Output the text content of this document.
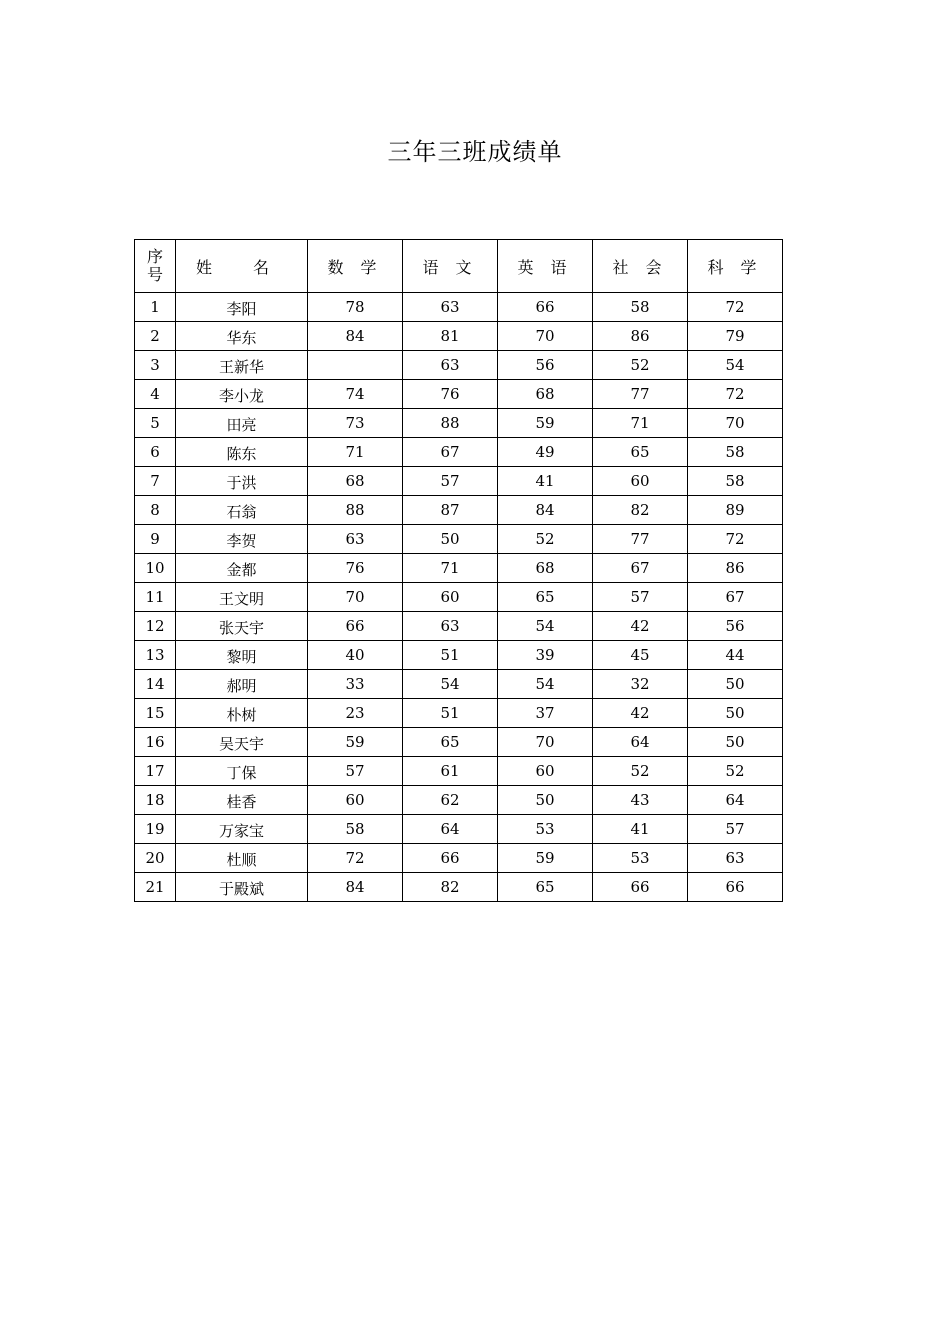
三年三班成绩单
序
号	姓 名	数 学	语 文	英 语	社 会	科 学
1	李阳	78	63	66	58	72
2	华东	84	81	70	86	79
3	王新华		63	56	52	54
4	李小龙	74	76	68	77	72
5	田亮	73	88	59	71	70
6	陈东	71	67	49	65	58
7	于洪	68	57	41	60	58
8	石翁	88	87	84	82	89
9	李贺	63	50	52	77	72
10	金都	76	71	68	67	86
11	王文明	70	60	65	57	67
12	张天宇	66	63	54	42	56
13	黎明	40	51	39	45	44
14	郝明	33	54	54	32	50
15	朴树	23	51	37	42	50
16	吴天宇	59	65	70	64	50
17	丁保	57	61	60	52	52
18	桂香	60	62	50	43	64
19	万家宝	58	64	53	41	57
20	杜顺	72	66	59	53	63
21	于殿斌	84	82	65	66	66
